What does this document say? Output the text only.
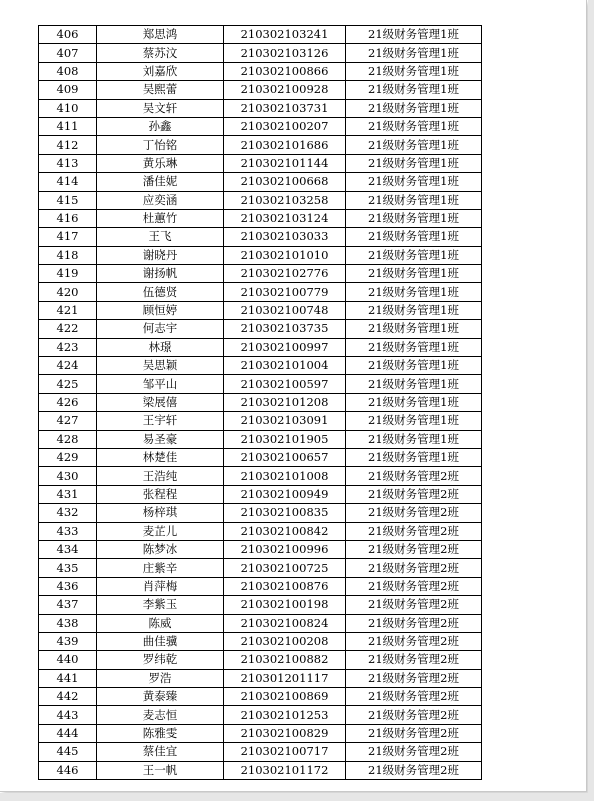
406	郑思鸿	210302103241	21级财务管理1班
407	蔡苏汶	210302103126	21级财务管理1班
408	刘嘉欣	210302100866	21级财务管理1班
409	吴熙蕾	210302100928	21级财务管理1班
410	吴文轩	210302103731	21级财务管理1班
411	孙鑫	210302100207	21级财务管理1班
412	丁怡铭	210302101686	21级财务管理1班
413	黄乐琳	210302101144	21级财务管理1班
414	潘佳妮	210302100668	21级财务管理1班
415	应奕涵	210302103258	21级财务管理1班
416	杜蕙竹	210302103124	21级财务管理1班
417	王飞	210302103033	21级财务管理1班
418	谢晓丹	210302101010	21级财务管理1班
419	谢扬帆	210302102776	21级财务管理1班
420	伍德贤	210302100779	21级财务管理1班
421	顾恒婷	210302100748	21级财务管理1班
422	何志宇	210302103735	21级财务管理1班
423	林璟	210302100997	21级财务管理1班
424	吴思颖	210302101004	21级财务管理1班
425	邹平山	210302100597	21级财务管理1班
426	梁展僖	210302101208	21级财务管理1班
427	王宇轩	210302103091	21级财务管理1班
428	易圣豪	210302101905	21级财务管理1班
429	林楚佳	210302100657	21级财务管理1班
430	王浩纯	210302101008	21级财务管理2班
431	张程程	210302100949	21级财务管理2班
432	杨梓琪	210302100835	21级财务管理2班
433	麦芷儿	210302100842	21级财务管理2班
434	陈梦冰	210302100996	21级财务管理2班
435	庄紫辛	210302100725	21级财务管理2班
436	肖萍梅	210302100876	21级财务管理2班
437	李紫玉	210302100198	21级财务管理2班
438	陈威	210302100824	21级财务管理2班
439	曲佳骥	210302100208	21级财务管理2班
440	罗纬乾	210302100882	21级财务管理2班
441	罗浩	210301201117	21级财务管理2班
442	黄泰臻	210302100869	21级财务管理2班
443	麦志恒	210302101253	21级财务管理2班
444	陈雅雯	210302100829	21级财务管理2班
445	蔡佳宜	210302100717	21级财务管理2班
446	王一帆	210302101172	21级财务管理2班
